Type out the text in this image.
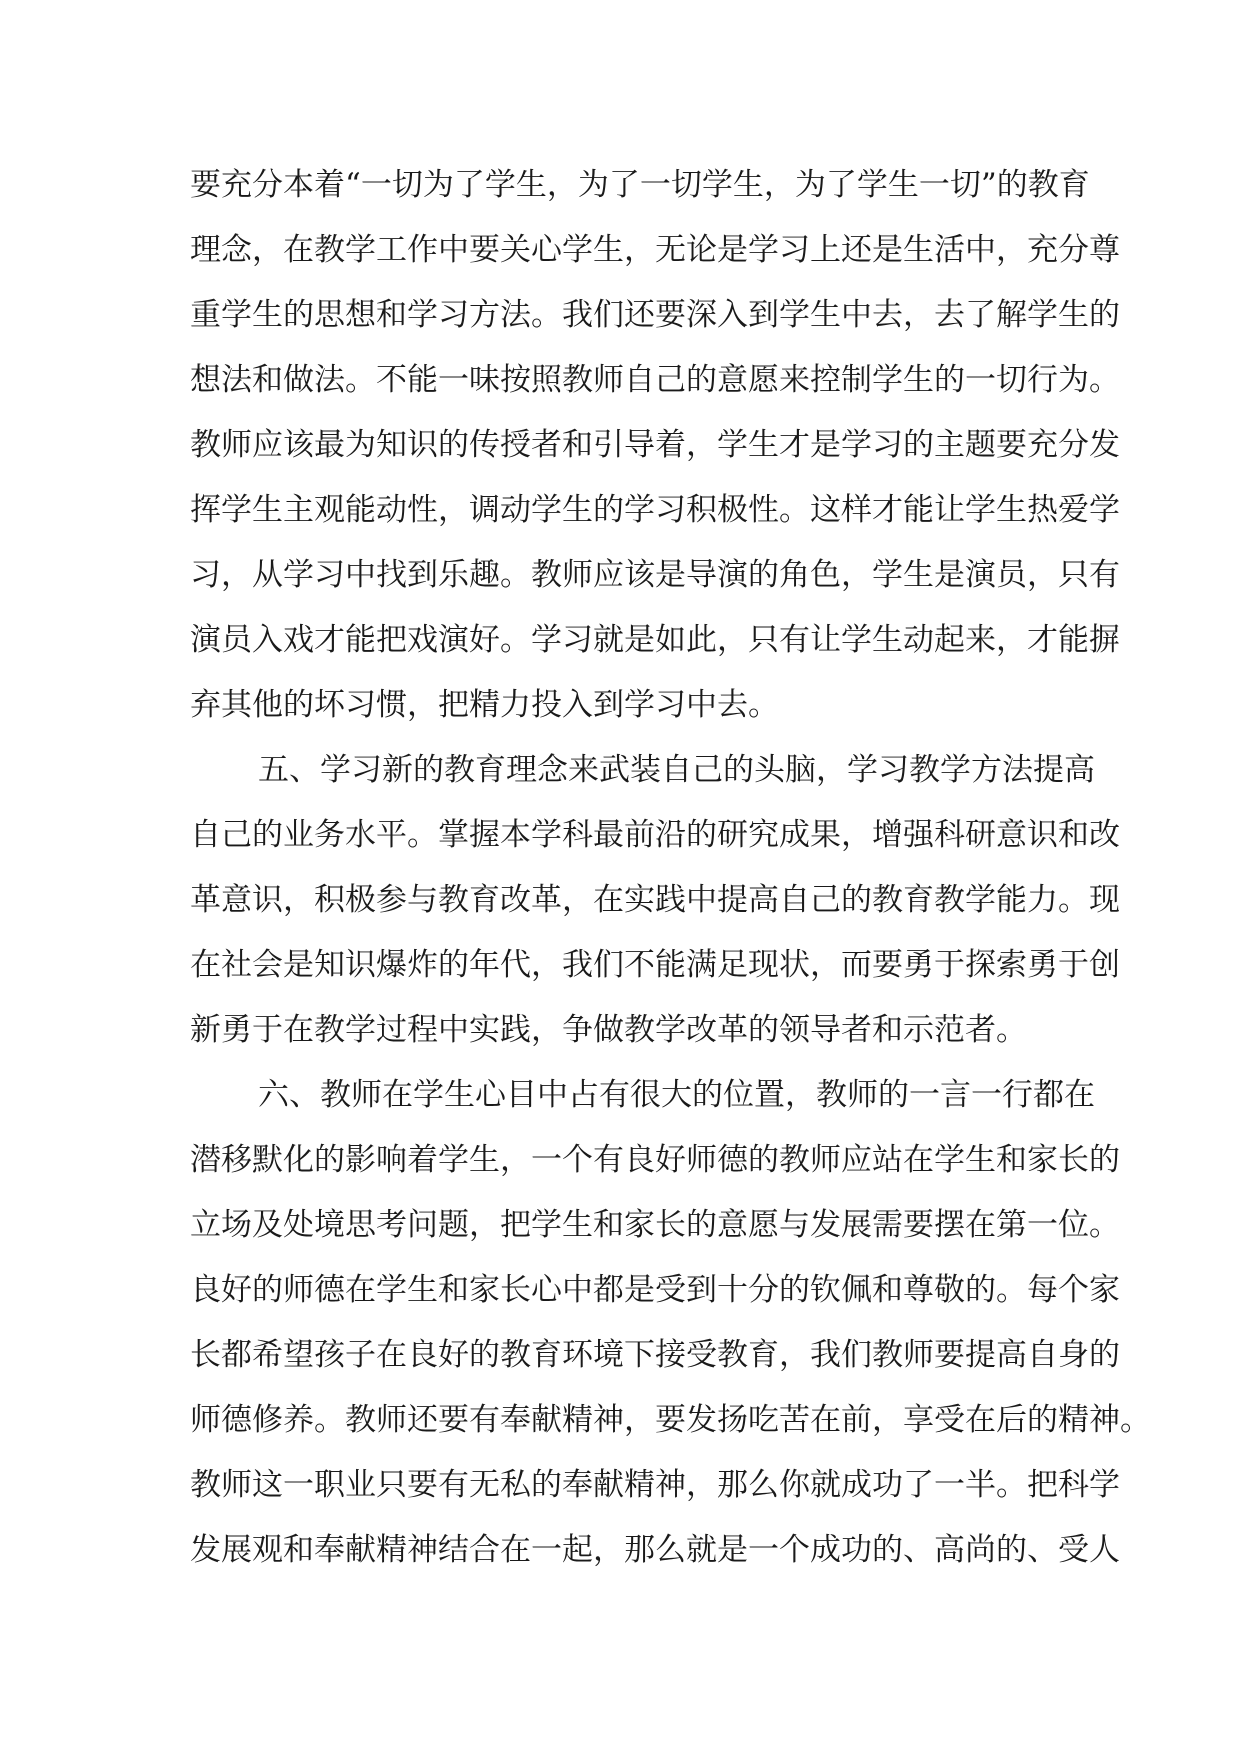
要充分本着“一切为了学生，为了一切学生，为了学生一切”的教育
理念，在教学工作中要关心学生，无论是学习上还是生活中，充分尊
重学生的思想和学习方法。我们还要深入到学生中去，去了解学生的
想法和做法。不能一味按照教师自己的意愿来控制学生的一切行为。
教师应该最为知识的传授者和引导着，学生才是学习的主题要充分发
挥学生主观能动性，调动学生的学习积极性。这样才能让学生热爱学
习，从学习中找到乐趣。教师应该是导演的角色，学生是演员，只有
演员入戏才能把戏演好。学习就是如此，只有让学生动起来，才能摒
弃其他的坏习惯，把精力投入到学习中去。
五、学习新的教育理念来武装自己的头脑，学习教学方法提高
自己的业务水平。掌握本学科最前沿的研究成果，增强科研意识和改
革意识，积极参与教育改革，在实践中提高自己的教育教学能力。现
在社会是知识爆炸的年代，我们不能满足现状，而要勇于探索勇于创
新勇于在教学过程中实践，争做教学改革的领导者和示范者。
六、教师在学生心目中占有很大的位置，教师的一言一行都在
潜移默化的影响着学生，一个有良好师德的教师应站在学生和家长的
立场及处境思考问题，把学生和家长的意愿与发展需要摆在第一位。
良好的师德在学生和家长心中都是受到十分的钦佩和尊敬的。每个家
长都希望孩子在良好的教育环境下接受教育，我们教师要提高自身的
师德修养。教师还要有奉献精神，要发扬吃苦在前，享受在后的精神。
教师这一职业只要有无私的奉献精神，那么你就成功了一半。把科学
发展观和奉献精神结合在一起，那么就是一个成功的、高尚的、受人
